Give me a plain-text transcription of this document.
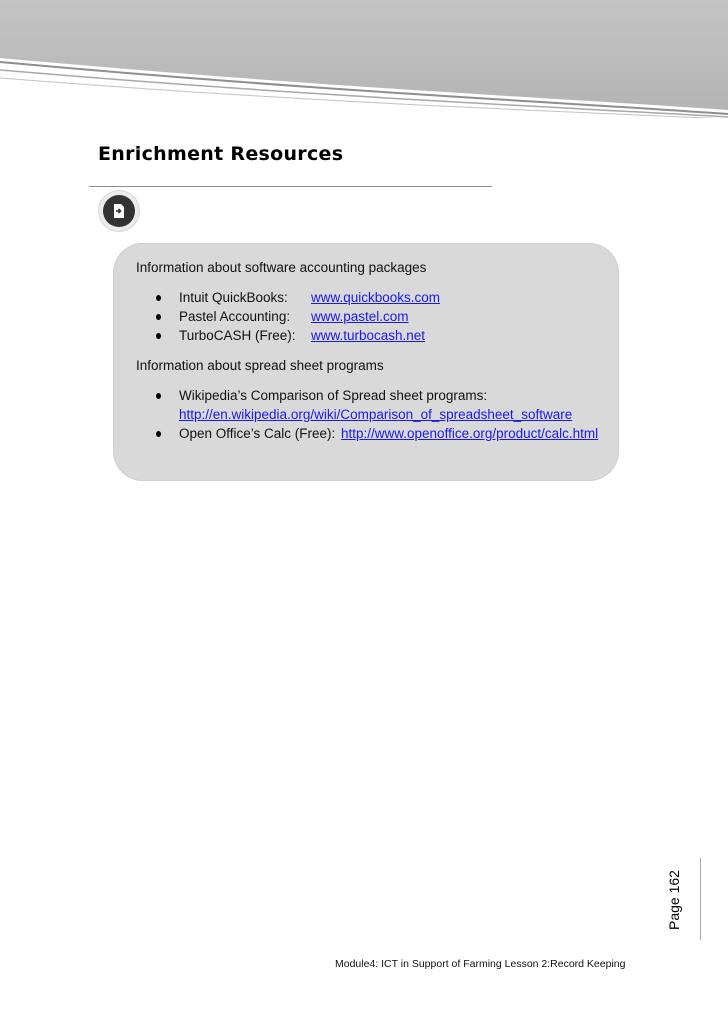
Enrichment Resources
Information about software accounting packages
Intuit QuickBooks: www.quickbooks.com
Pastel Accounting: www.pastel.com
TurboCASH (Free): www.turbocash.net
Information about spread sheet programs
Wikipedia’s Comparison of Spread sheet programs:
http://en.wikipedia.org/wiki/Comparison_of_spreadsheet_software
Open Office’s Calc (Free): http://www.openoffice.org/product/calc.html
Page 162
Module4: ICT in Support of Farming Lesson 2:Record Keeping
